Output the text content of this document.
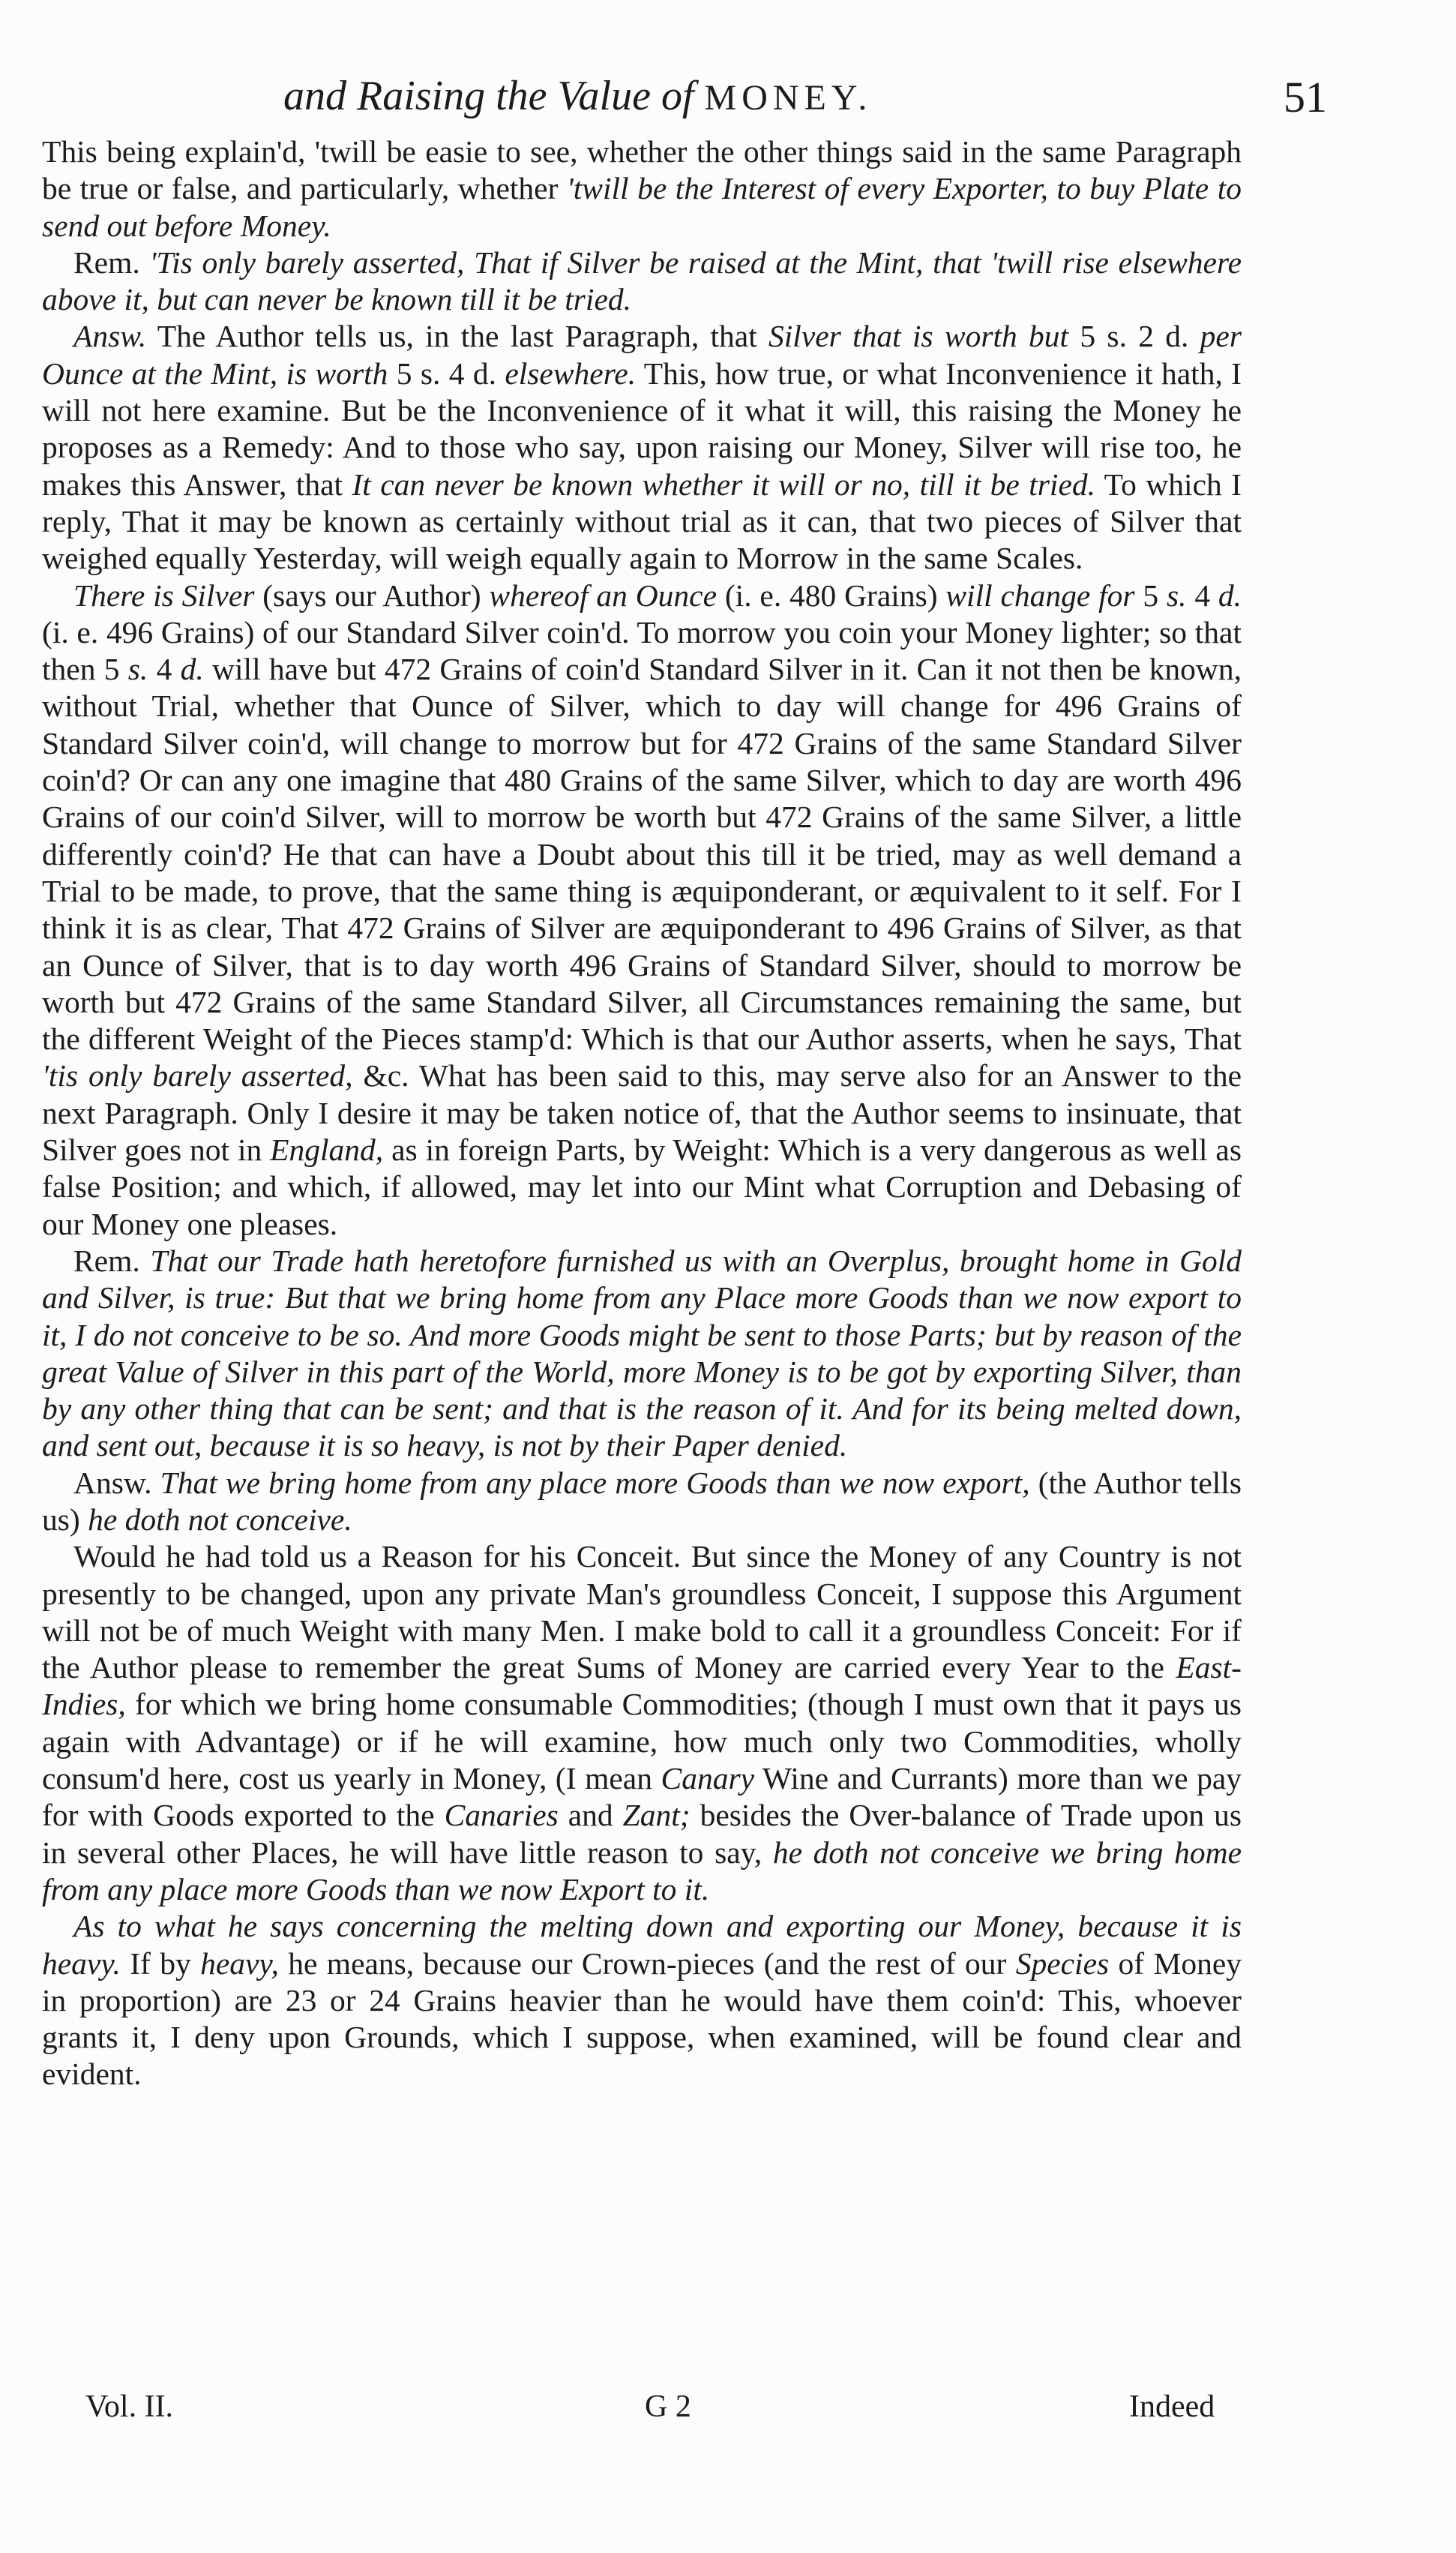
and Raising the Value of MONEY.	51

This being explain'd, 'twill be easie to see, whether the other things said in the same Paragraph be true or false, and particularly, whether 'twill be the Interest of every Exporter, to buy Plate to send out before Money.

Rem. 'Tis only barely asserted, That if Silver be raised at the Mint, that 'twill rise elsewhere above it, but can never be known till it be tried.

Answ. The Author tells us, in the last Paragraph, that Silver that is worth but 5 s. 2 d. per Ounce at the Mint, is worth 5 s. 4 d. elsewhere. This, how true, or what Inconvenience it hath, I will not here examine. But be the Inconvenience of it what it will, this raising the Money he proposes as a Remedy: And to those who say, upon raising our Money, Silver will rise too, he makes this Answer, that It can never be known whether it will or no, till it be tried. To which I reply, That it may be known as certainly without trial as it can, that two pieces of Silver that weighed equally Yesterday, will weigh equally again to Morrow in the same Scales.

There is Silver (says our Author) whereof an Ounce (i. e. 480 Grains) will change for 5 s. 4 d. (i. e. 496 Grains) of our Standard Silver coin'd. To morrow you coin your Money lighter; so that then 5 s. 4 d. will have but 472 Grains of coin'd Standard Silver in it. Can it not then be known, without Trial, whether that Ounce of Silver, which to day will change for 496 Grains of Standard Silver coin'd, will change to morrow but for 472 Grains of the same Standard Silver coin'd? Or can any one imagine that 480 Grains of the same Silver, which to day are worth 496 Grains of our coin'd Silver, will to morrow be worth but 472 Grains of the same Silver, a little differently coin'd? He that can have a Doubt about this till it be tried, may as well demand a Trial to be made, to prove, that the same thing is æquiponderant, or æquivalent to it self. For I think it is as clear, That 472 Grains of Silver are æquiponderant to 496 Grains of Silver, as that an Ounce of Silver, that is to day worth 496 Grains of Standard Silver, should to morrow be worth but 472 Grains of the same Standard Silver, all Circumstances remaining the same, but the different Weight of the Pieces stamp'd: Which is that our Author asserts, when he says, That 'tis only barely asserted, &c. What has been said to this, may serve also for an Answer to the next Paragraph. Only I desire it may be taken notice of, that the Author seems to insinuate, that Silver goes not in England, as in foreign Parts, by Weight: Which is a very dangerous as well as false Position; and which, if allowed, may let into our Mint what Corruption and Debasing of our Money one pleases.

Rem. That our Trade hath heretofore furnished us with an Overplus, brought home in Gold and Silver, is true: But that we bring home from any Place more Goods than we now export to it, I do not conceive to be so. And more Goods might be sent to those Parts; but by reason of the great Value of Silver in this part of the World, more Money is to be got by exporting Silver, than by any other thing that can be sent; and that is the reason of it. And for its being melted down, and sent out, because it is so heavy, is not by their Paper denied.

Answ. That we bring home from any place more Goods than we now export, (the Author tells us) he doth not conceive.

Would he had told us a Reason for his Conceit. But since the Money of any Country is not presently to be changed, upon any private Man's groundless Conceit, I suppose this Argument will not be of much Weight with many Men. I make bold to call it a groundless Conceit: For if the Author please to remember the great Sums of Money are carried every Year to the East-Indies, for which we bring home consumable Commodities; (though I must own that it pays us again with Advantage) or if he will examine, how much only two Commodities, wholly consum'd here, cost us yearly in Money, (I mean Canary Wine and Currants) more than we pay for with Goods exported to the Canaries and Zant; besides the Over-balance of Trade upon us in several other Places, he will have little reason to say, he doth not conceive we bring home from any place more Goods than we now Export to it.

As to what he says concerning the melting down and exporting our Money, because it is heavy. If by heavy, he means, because our Crown-pieces (and the rest of our Species of Money in proportion) are 23 or 24 Grains heavier than he would have them coin'd: This, whoever grants it, I deny upon Grounds, which I suppose, when examined, will be found clear and evident.

Vol. II.	G 2	Indeed
